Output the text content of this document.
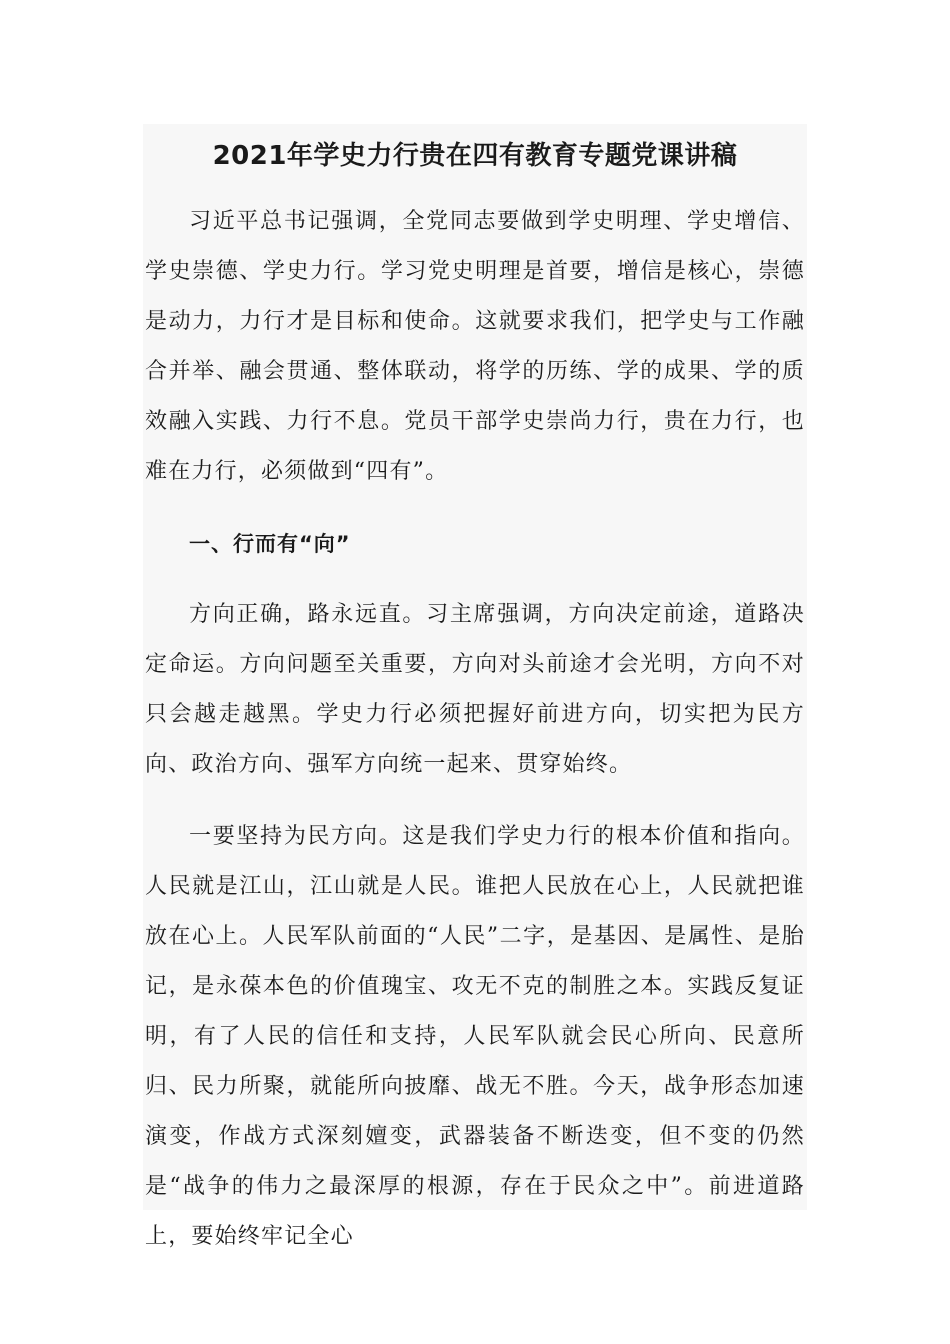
2021年学史力行贵在四有教育专题党课讲稿

习近平总书记强调，全党同志要做到学史明理、学史增信、学史崇德、学史力行。学习党史明理是首要，增信是核心，崇德是动力，力行才是目标和使命。这就要求我们，把学史与工作融合并举、融会贯通、整体联动，将学的历练、学的成果、学的质效融入实践、力行不息。党员干部学史崇尚力行，贵在力行，也难在力行，必须做到“四有”。

一、行而有“向”

方向正确，路永远直。习主席强调，方向决定前途，道路决定命运。方向问题至关重要，方向对头前途才会光明，方向不对只会越走越黑。学史力行必须把握好前进方向，切实把为民方向、政治方向、强军方向统一起来、贯穿始终。

一要坚持为民方向。这是我们学史力行的根本价值和指向。人民就是江山，江山就是人民。谁把人民放在心上，人民就把谁放在心上。人民军队前面的“人民”二字，是基因、是属性、是胎记，是永葆本色的价值瑰宝、攻无不克的制胜之本。实践反复证明，有了人民的信任和支持，人民军队就会民心所向、民意所归、民力所聚，就能所向披靡、战无不胜。今天，战争形态加速演变，作战方式深刻嬗变，武器装备不断迭变，但不变的仍然是“战争的伟力之最深厚的根源，存在于民众之中”。前进道路上，要始终牢记全心
